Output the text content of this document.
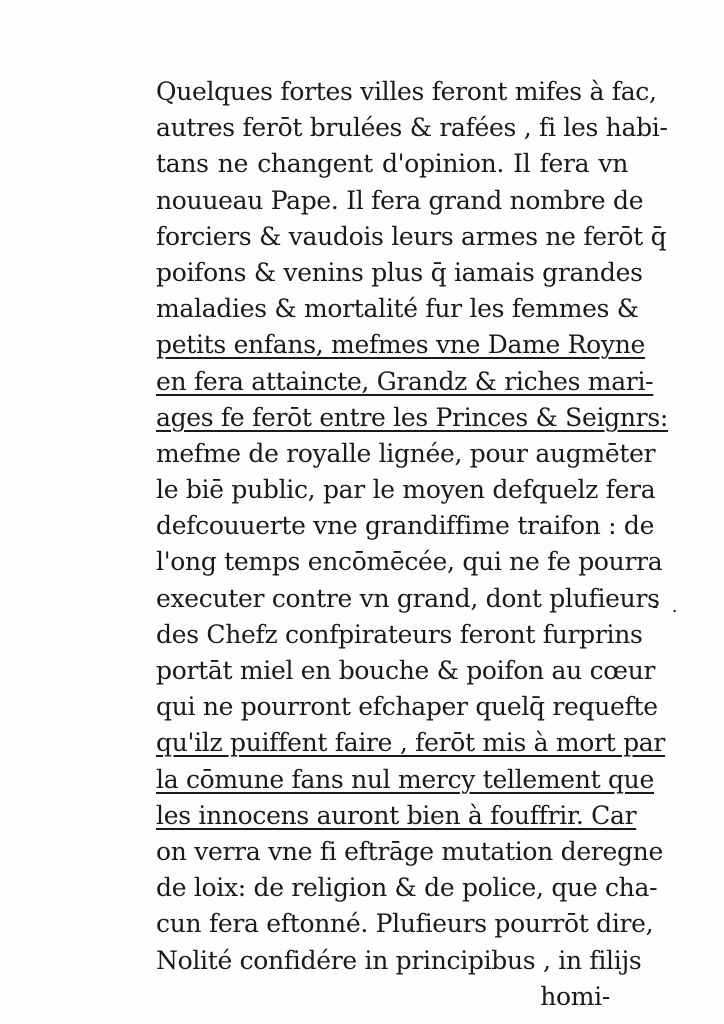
Quelques fortes villes feront mifes à fac,
autres ferōt brulées & rafées , fi les habi-
tans ne changent d'opinion. Il fera vn
nouueau Pape. Il fera grand nombre de
forciers & vaudois leurs armes ne ferōt q̄
poifons & venins plus q̄ iamais grandes
maladies & mortalité fur les femmes &
petits enfans, mefmes vne Dame Royne
en fera attaincte, Grandz & riches mari-
ages fe ferōt entre les Princes & Seignrs:
mefme de royalle lignée, pour augmēter
le biē public, par le moyen defquelz fera
defcouuerte vne grandiffime traifon : de
l'ong temps encōmēcée, qui ne fe pourra
executer contre vn grand, dont plufieurs
des Chefz confpirateurs feront furprins
portāt miel en bouche & poifon au cœur
qui ne pourront efchaper quelq̄ requefte
qu'ilz puiffent faire , ferōt mis à mort par
la cōmune fans nul mercy tellement que
les innocens auront bien à fouffrir. Car
on verra vne fi eftrāge mutation deregne
de loix: de religion & de police, que cha-
cun fera eftonné. Plufieurs pourrōt dire,
Nolité confidére in principibus , in filijs
homi-
- .
